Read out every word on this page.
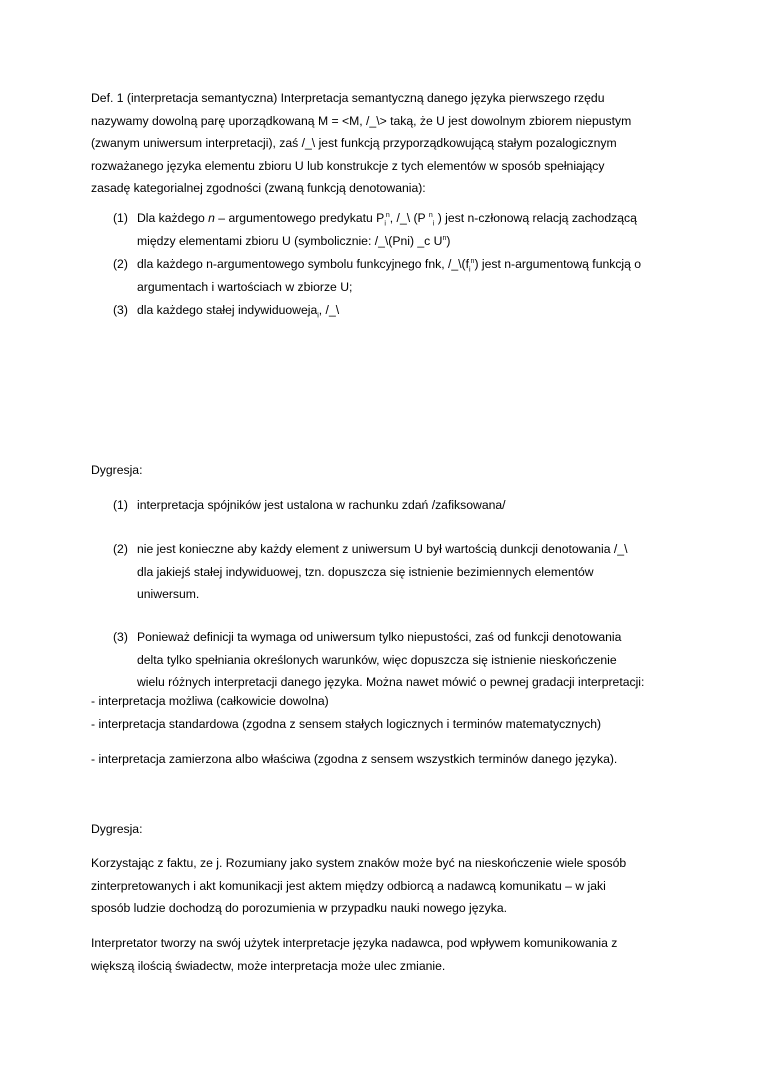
Def. 1 (interpretacja semantyczna) Interpretacja semantyczną danego języka pierwszego rzędu
nazywamy dowolną parę uporządkowaną M = <M, /_\> taką, że U jest dowolnym zbiorem niepustym
(zwanym uniwersum interpretacji), zaś /_\ jest funkcją przyporządkowującą stałym pozalogicznym
rozważanego języka elementu zbioru U lub konstrukcje z tych elementów w sposób spełniający
zasadę kategorialnej zgodności (zwaną funkcją denotowania):
(1) Dla każdego n – argumentowego predykatu $P_i^n$, /_\ (P $^n_i$ ) jest n-członową relacją zachodzącą
między elementami zbioru U (symbolicznie: /_\(Pni) _c $U^n$)
(2) dla każdego n-argumentowego symbolu funkcyjnego fnk, $/\_\backslash(f_i^n)$ jest n-argumentową funkcją o
argumentach i wartościach w zbiorze U;
(3) dla każdego stałej indywiduoweja$_i$, /_\
Dygresja:
(1) interpretacja spójników jest ustalona w rachunku zdań /zafiksowana/
(2) nie jest konieczne aby każdy element z uniwersum U był wartością dunkcji denotowania /_\
dla jakiejś stałej indywiduowej, tzn. dopuszcza się istnienie bezimiennych elementów
uniwersum.
(3) Ponieważ definicji ta wymaga od uniwersum tylko niepustości, zaś od funkcji denotowania
delta tylko spełniania określonych warunków, więc dopuszcza się istnienie nieskończenie
wielu różnych interpretacji danego języka. Można nawet mówić o pewnej gradacji interpretacji:
- interpretacja możliwa (całkowicie dowolna)
- interpretacja standardowa (zgodna z sensem stałych logicznych i terminów matematycznych)
- interpretacja zamierzona albo właściwa (zgodna z sensem wszystkich terminów danego języka).
Dygresja:
Korzystając z faktu, ze j. Rozumiany jako system znaków może być na nieskończenie wiele sposób
zinterpretowanych i akt komunikacji jest aktem między odbiorcą a nadawcą komunikatu – w jaki
sposób ludzie dochodzą do porozumienia w przypadku nauki nowego języka.
Interpretator tworzy na swój użytek interpretacje języka nadawca, pod wpływem komunikowania z
większą ilością świadectw, może interpretacja może ulec zmianie.
